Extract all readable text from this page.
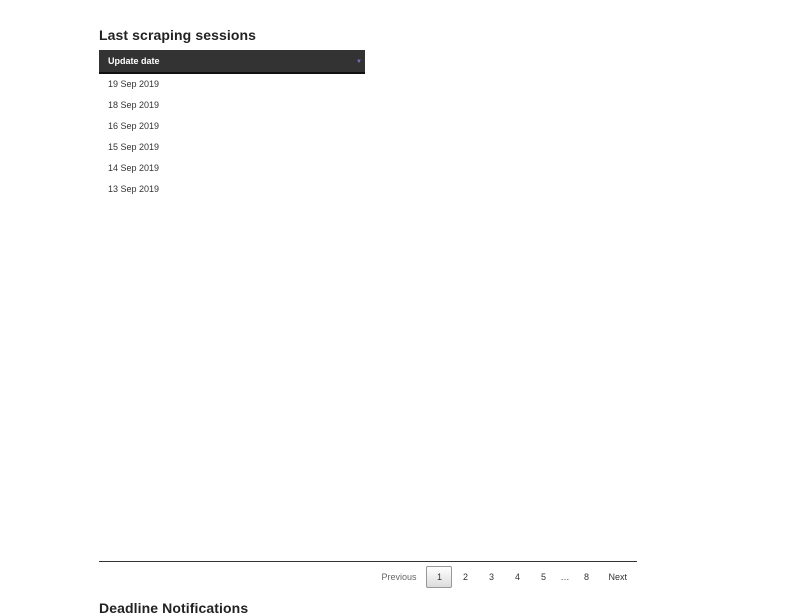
Last scraping sessions
Update date	▼
19 Sep 2019
18 Sep 2019
16 Sep 2019
15 Sep 2019
14 Sep 2019
13 Sep 2019
Previous	1	2	3	4	5	…	8	Next
Deadline Notifications
